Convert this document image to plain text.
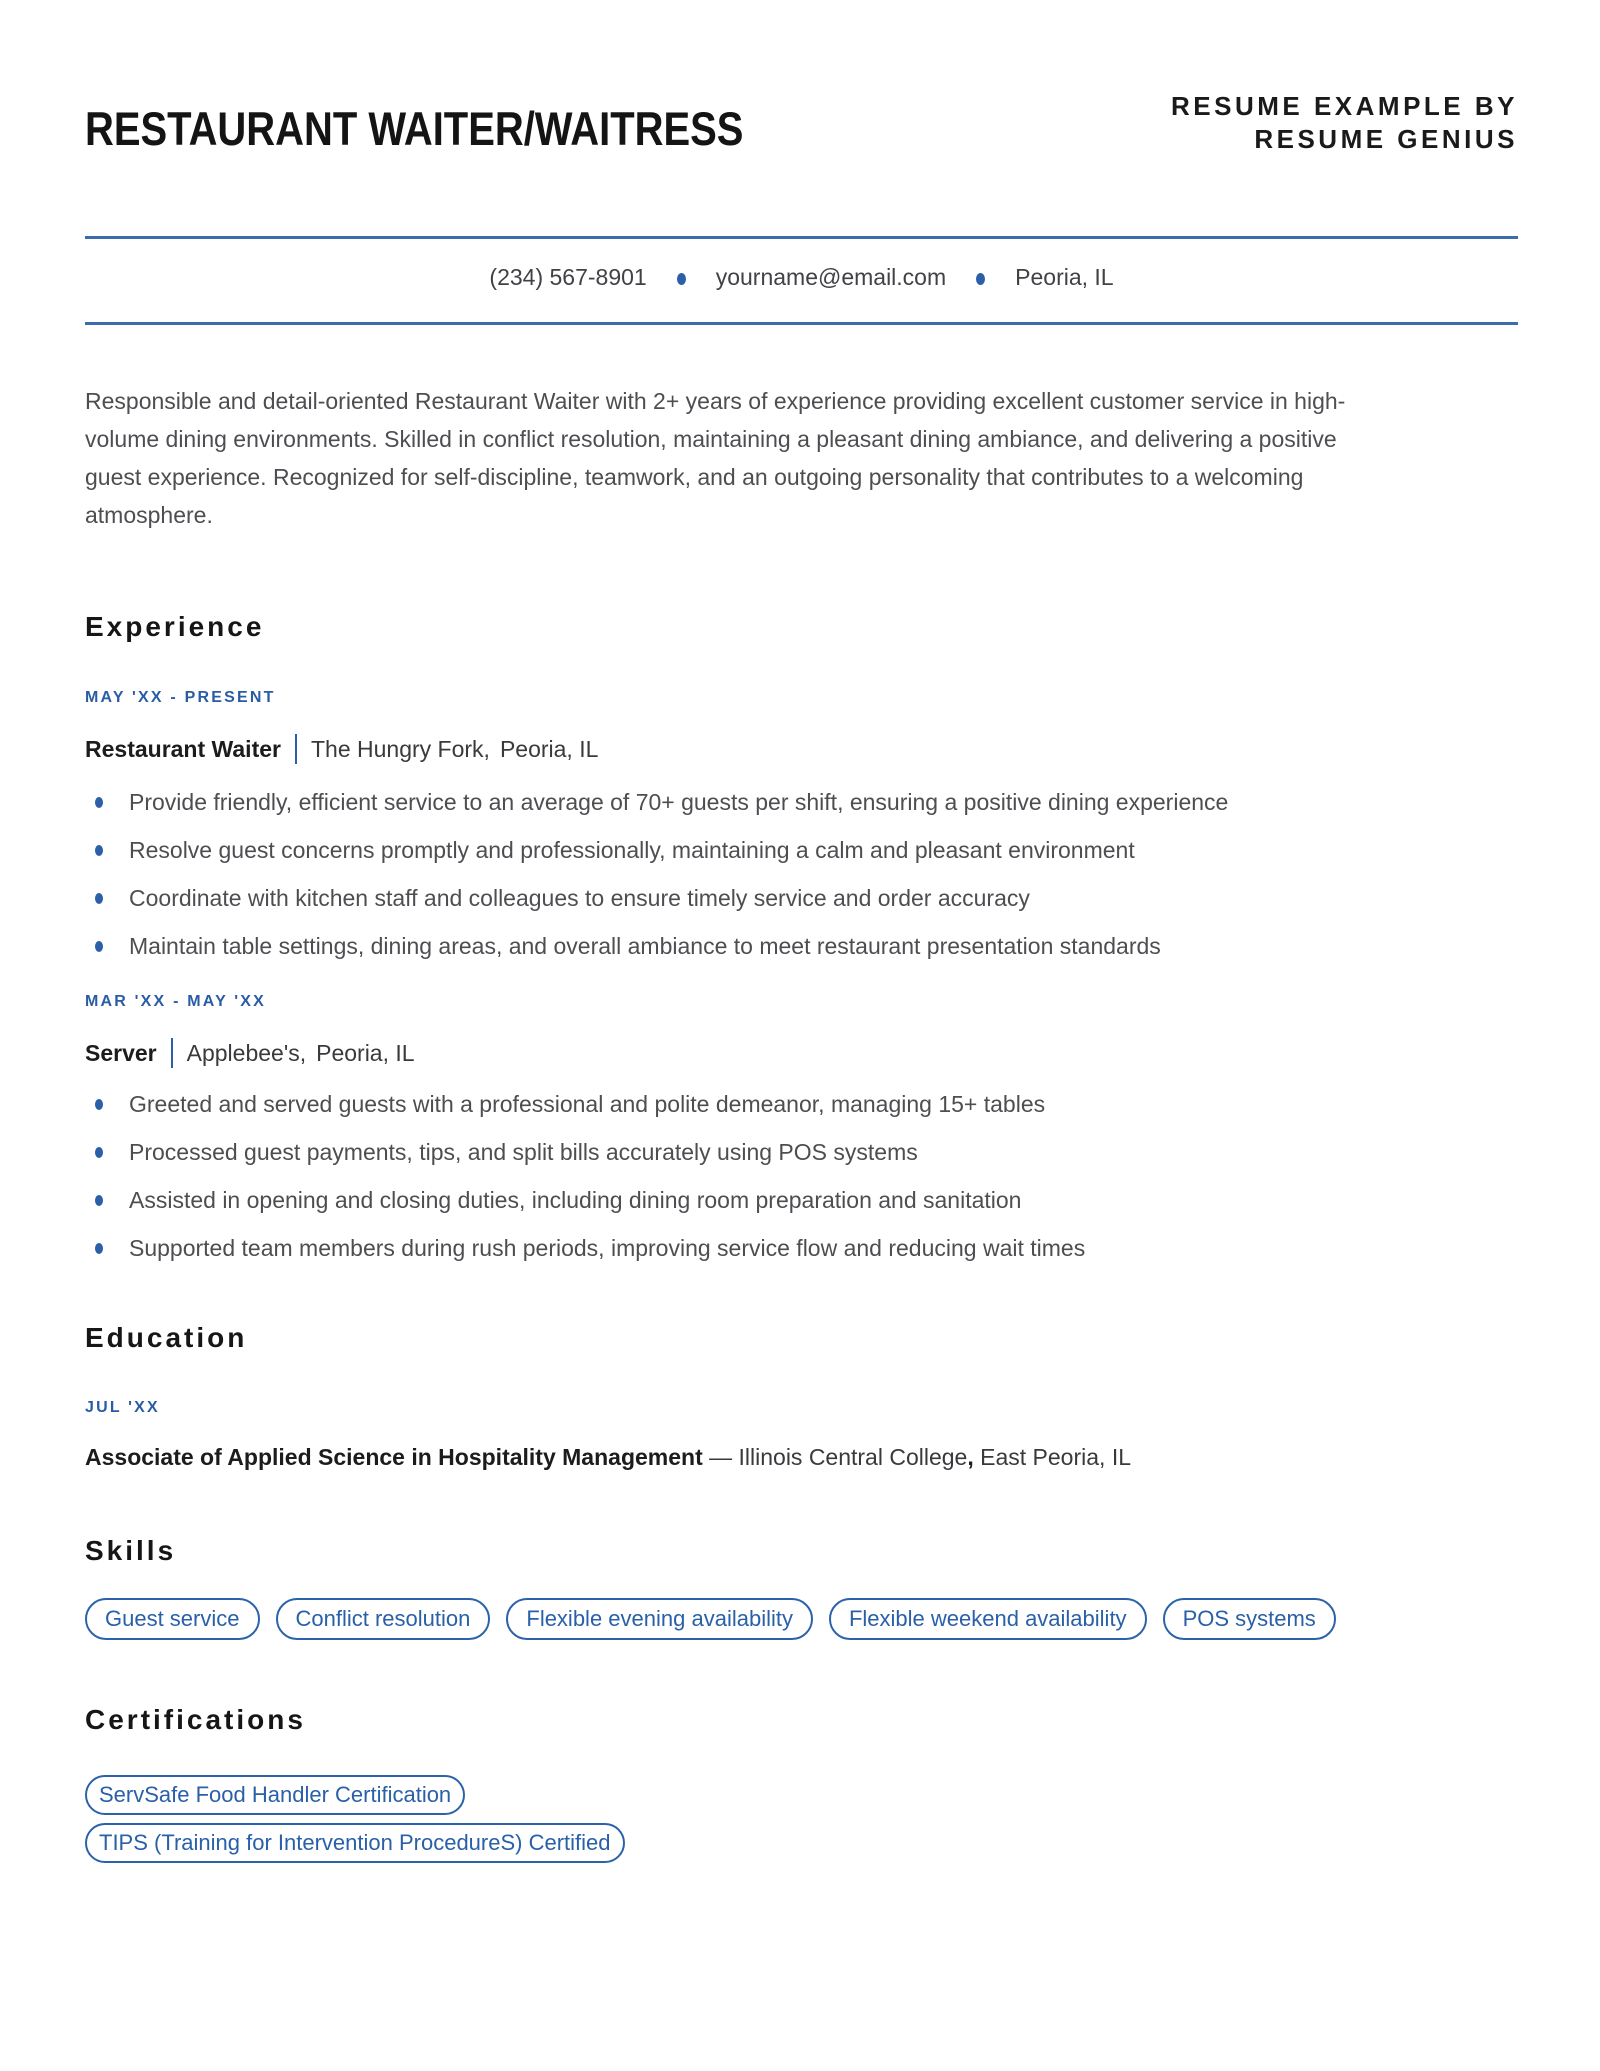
RESTAURANT WAITER/WAITRESS	RESUME EXAMPLE BY
RESUME GENIUS
(234) 567-8901	yourname@email.com	Peoria, IL

Responsible and detail-oriented Restaurant Waiter with 2+ years of experience providing excellent customer service in high-volume dining environments. Skilled in conflict resolution, maintaining a pleasant dining ambiance, and delivering a positive guest experience. Recognized for self-discipline, teamwork, and an outgoing personality that contributes to a welcoming atmosphere.

Experience
MAY 'XX - PRESENT
Restaurant Waiter The Hungry Fork, Peoria, IL
Provide friendly, efficient service to an average of 70+ guests per shift, ensuring a positive dining experience
Resolve guest concerns promptly and professionally, maintaining a calm and pleasant environment
Coordinate with kitchen staff and colleagues to ensure timely service and order accuracy
Maintain table settings, dining areas, and overall ambiance to meet restaurant presentation standards
MAR 'XX - MAY 'XX
Server Applebee's, Peoria, IL
Greeted and served guests with a professional and polite demeanor, managing 15+ tables
Processed guest payments, tips, and split bills accurately using POS systems
Assisted in opening and closing duties, including dining room preparation and sanitation
Supported team members during rush periods, improving service flow and reducing wait times
Education
JUL 'XX

Associate of Applied Science in Hospitality Management — Illinois Central College, East Peoria, IL

Skills
Guest service	Conflict resolution	Flexible evening availability	Flexible weekend availability	POS systems
Certifications
ServSafe Food Handler Certification
TIPS (Training for Intervention ProcedureS) Certified
